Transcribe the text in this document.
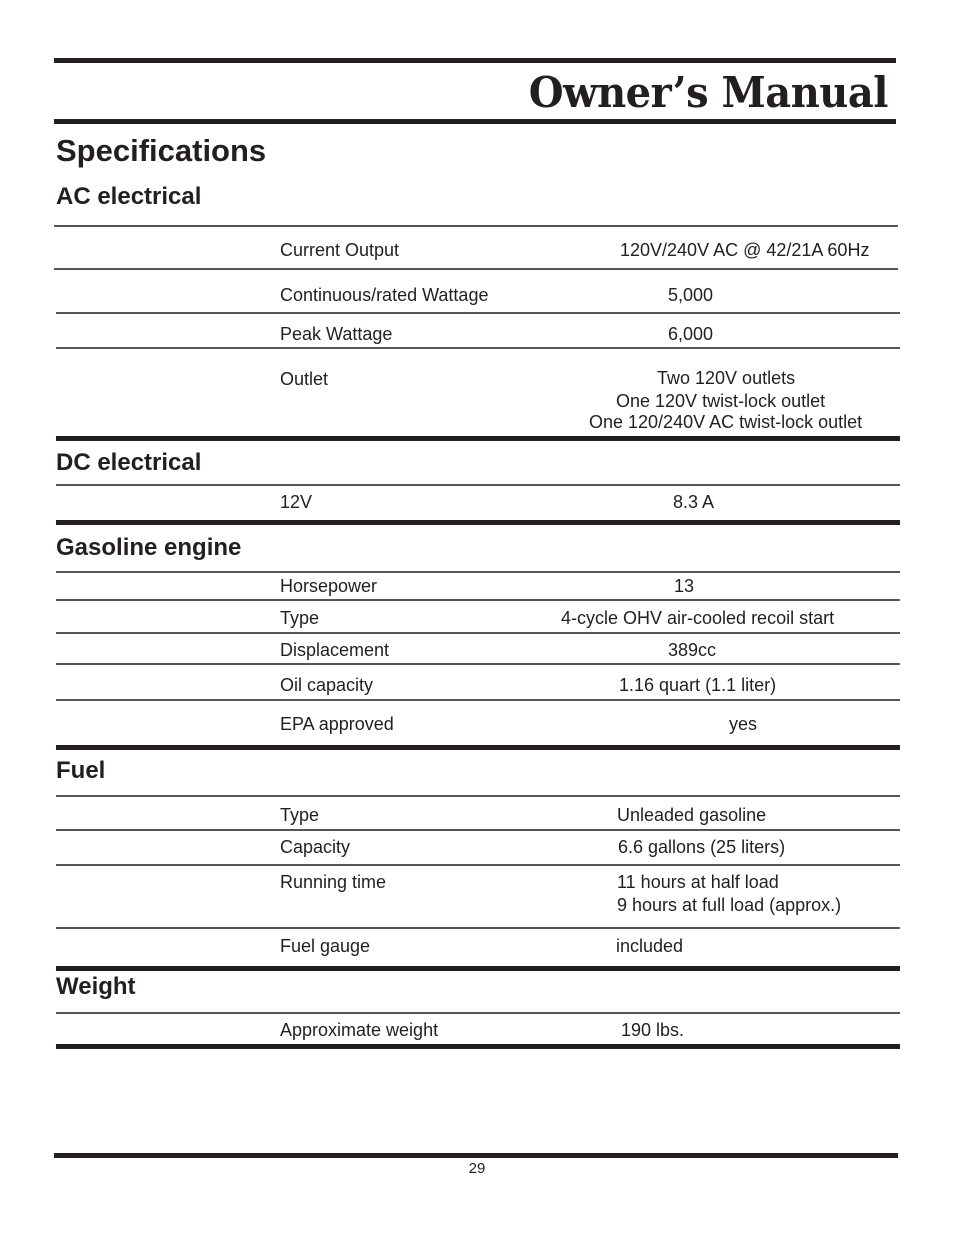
Owner’s Manual
Specifications
AC electrical
Current Output	120V/240V AC @ 42/21A 60Hz
Continuous/rated Wattage	5,000
Peak Wattage	6,000
Outlet	Two 120V outlets
One 120V twist-lock outlet
One 120/240V AC twist-lock outlet
DC electrical
12V	8.3 A
Gasoline engine
Horsepower	13
Type	4-cycle OHV air-cooled recoil start
Displacement	389cc
Oil capacity	1.16 quart (1.1 liter)
EPA approved	yes
Fuel
Type	Unleaded gasoline
Capacity	6.6 gallons (25 liters)
Running time	11 hours at half load
9 hours at full load (approx.)
Fuel gauge	included
Weight
Approximate weight	190 lbs.
29
